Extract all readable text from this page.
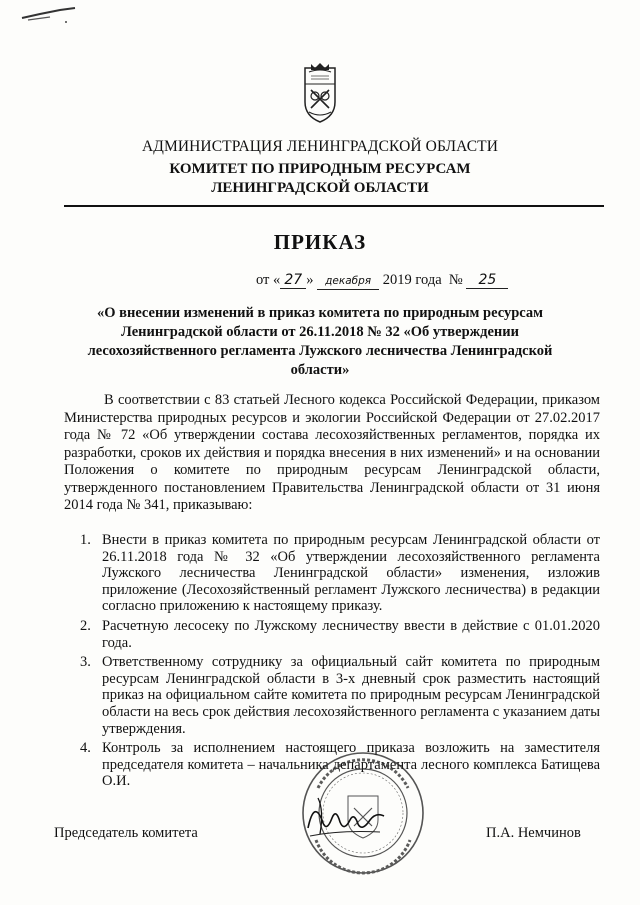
АДМИНИСТРАЦИЯ ЛЕНИНГРАДСКОЙ ОБЛАСТИ
КОМИТЕТ ПО ПРИРОДНЫМ РЕСУРСАМ
ЛЕНИНГРАДСКОЙ ОБЛАСТИ
ПРИКАЗ
от « 27 » декабря 2019 года № 25
«О внесении изменений в приказ комитета по природным ресурсам Ленинградской области от 26.11.2018 № 32 «Об утверждении лесохозяйственного регламента Лужского лесничества Ленинградской области»
В соответствии с 83 статьей Лесного кодекса Российской Федерации, приказом Министерства природных ресурсов и экологии Российской Федерации от 27.02.2017 года № 72 «Об утверждении состава лесохозяйственных регламентов, порядка их разработки, сроков их действия и порядка внесения в них изменений» и на основании Положения о комитете по природным ресурсам Ленинградской области, утвержденного постановлением Правительства Ленинградской области от 31 июня 2014 года № 341, приказываю:
1. Внести в приказ комитета по природным ресурсам Ленинградской области от 26.11.2018 года № 32 «Об утверждении лесохозяйственного регламента Лужского лесничества Ленинградской области» изменения, изложив приложение (Лесохозяйственный регламент Лужского лесничества) в редакции согласно приложению к настоящему приказу.
2. Расчетную лесосеку по Лужскому лесничеству ввести в действие с 01.01.2020 года.
3. Ответственному сотруднику за официальный сайт комитета по природным ресурсам Ленинградской области в 3-х дневный срок разместить настоящий приказ на официальном сайте комитета по природным ресурсам Ленинградской области на весь срок действия лесохозяйственного регламента с указанием даты утверждения.
4. Контроль за исполнением настоящего приказа возложить на заместителя председателя комитета – начальника департамента лесного комплекса Батищева О.И.
Председатель комитета	П.А. Немчинов
